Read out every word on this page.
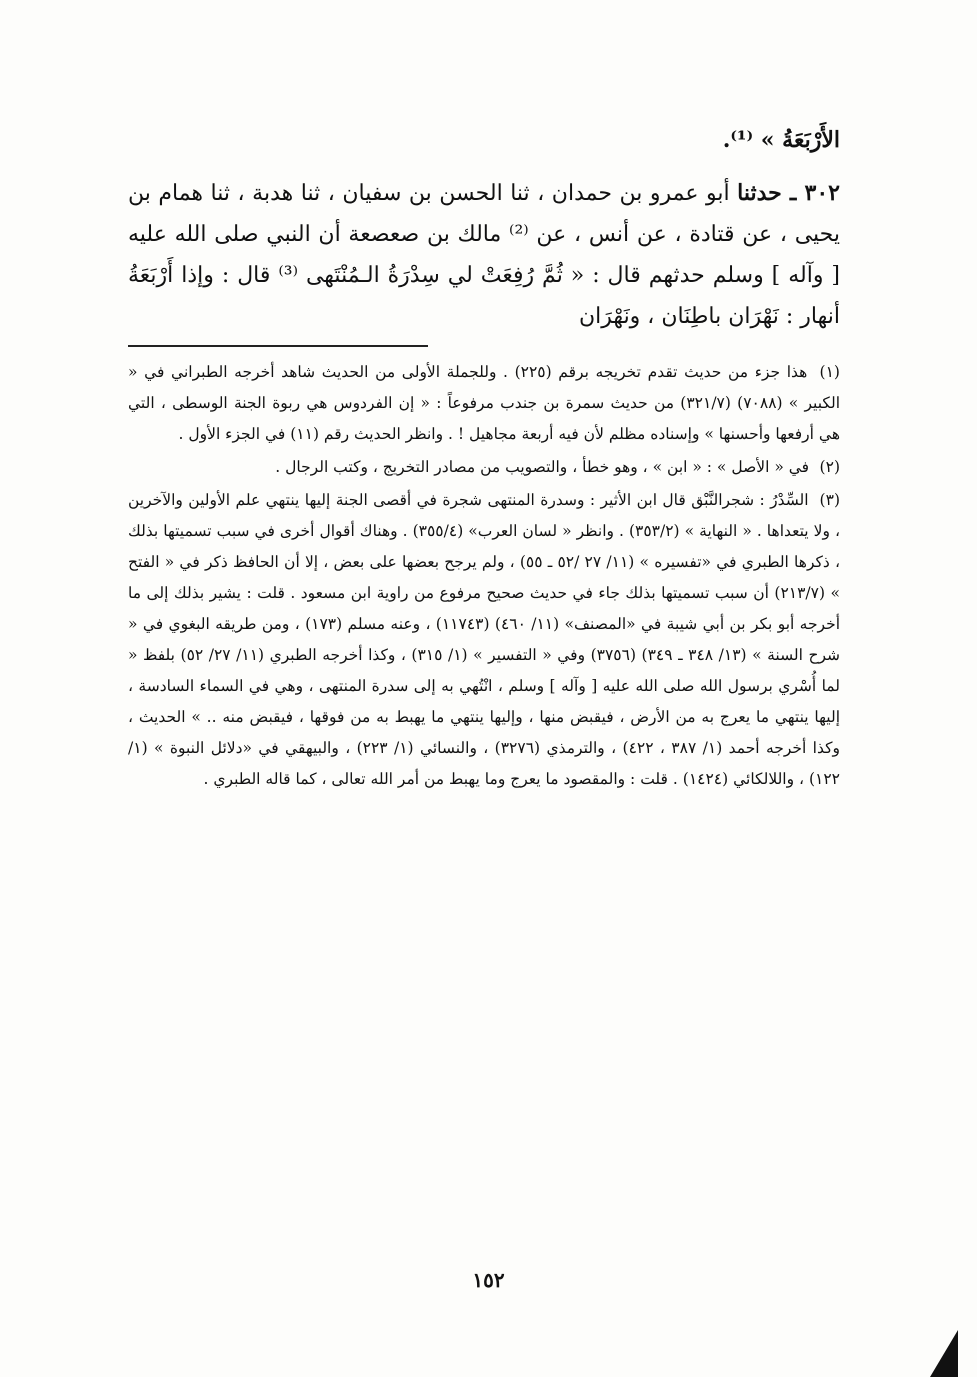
الأَرْبَعَةُ » ⁽¹⁾.

٣٠٢ ـ حدثنا أبو عمرو بن حمدان ، ثنا الحسن بن سفيان ، ثنا هدبة ، ثنا همام بن يحيى ، عن قتادة ، عن أنس ، عن ⁽²⁾ مالك بن صعصعة أن النبي صلى الله عليه [ وآله ] وسلم حدثهم قال : « ثُمَّ رُفِعَتْ لي سِدْرَةُ الـمُنْتَهى ⁽³⁾ قال : وإذا أَرْبَعَةُ أنهار : نَهْرَان باطِنَان ، ونَهْرَان

(١) هذا جزء من حديث تقدم تخريجه برقم (٢٢٥) . وللجملة الأولى من الحديث شاهد أخرجه الطبراني في « الكبير » (٧٠٨٨) (٣٢١/٧) من حديث سمرة بن جندب مرفوعاً : « إن الفردوس هي ربوة الجنة الوسطى ، التي هي أرفعها وأحسنها » وإسناده مظلم لأن فيه أربعة مجاهيل ! . وانظر الحديث رقم (١١) في الجزء الأول .

(٢) في « الأصل » : « ابن » ، وهو خطأ ، والتصويب من مصادر التخريج ، وكتب الرجال .

(٣) السِّدْرُ : شجرالنَّبْق قال ابن الأثير : وسدرة المنتهى شجرة في أقصى الجنة إليها ينتهي علم الأولين والآخرين ، ولا يتعداها . « النهاية » (٣٥٣/٢) . وانظر « لسان العرب» (٣٥٥/٤) . وهناك أقوال أخرى في سبب تسميتها بذلك ، ذكرها الطبري في «تفسيره » (١١/ ٢٧ /٥٢ ـ ٥٥) ، ولم يرجح بعضها على بعض ، إلا أن الحافظ ذكر في « الفتح » (٢١٣/٧) أن سبب تسميتها بذلك جاء في حديث صحيح مرفوع من راوية ابن مسعود . قلت : يشير بذلك إلى ما أخرجه أبو بكر بن أبي شيبة في «المصنف» (١١/ ٤٦٠) (١١٧٤٣) ، وعنه مسلم (١٧٣) ، ومن طريقه البغوي في « شرح السنة » (١٣/ ٣٤٨ ـ ٣٤٩) (٣٧٥٦) وفي « التفسير » (١/ ٣١٥) ، وكذا أخرجه الطبري (١١/ ٢٧/ ٥٢) بلفظ « لما أُسْري برسول الله صلى الله عليه [ وآله ] وسلم ، انْتُهي به إلى سدرة المنتهى ، وهي في السماء السادسة ، إليها ينتهي ما يعرج به من الأرض ، فيقبض منها ، وإليها ينتهي ما يهبط به من فوقها ، فيقبض منه .. » الحديث ، وكذا أخرجه أحمد (١/ ٣٨٧ ، ٤٢٢) ، والترمذي (٣٢٧٦) ، والنسائي (١/ ٢٢٣) ، والبيهقي في «دلائل النبوة » (١/ ١٢٢) ، واللالكائي (١٤٢٤) . قلت : والمقصود ما يعرج وما يهبط من أمر الله تعالى ، كما قاله الطبري .

١٥٢
